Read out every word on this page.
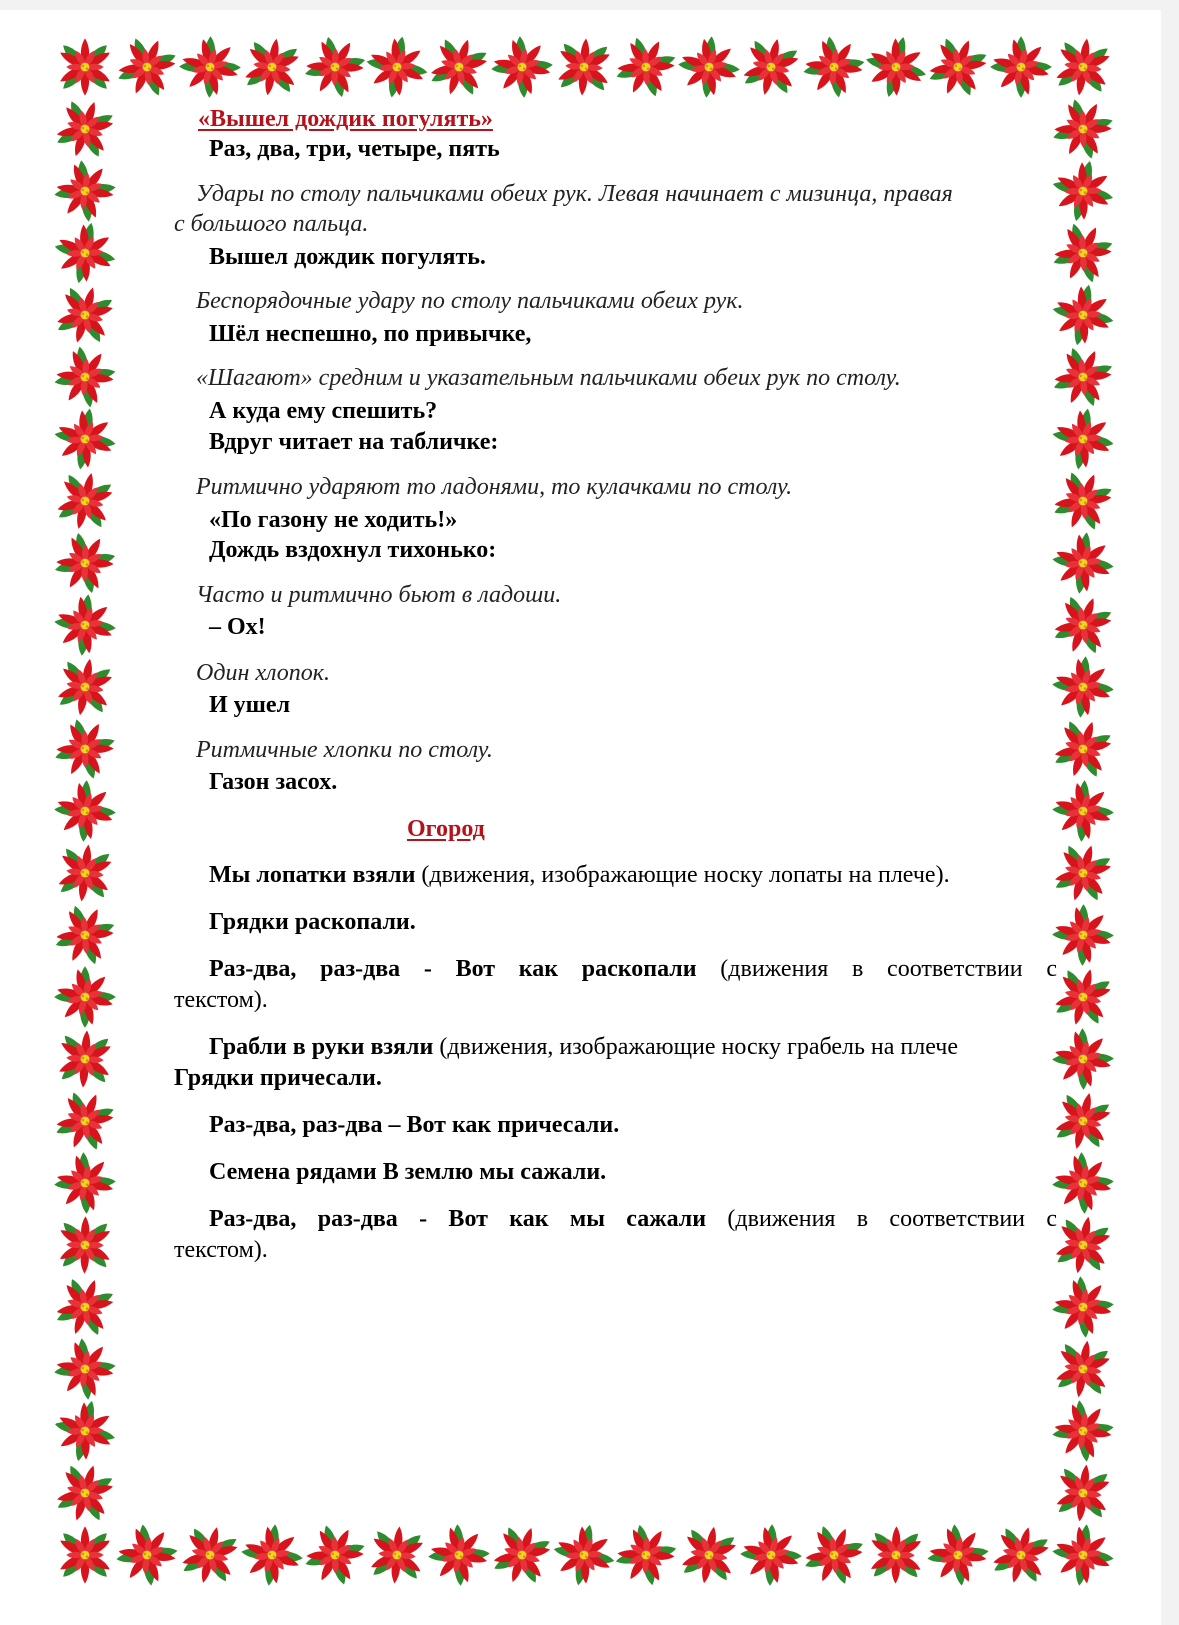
«Вышел дождик погулять»
Раз, два, три, четыре, пять
Удары по столу пальчиками обеих рук. Левая начинает с мизинца, правая
с большого пальца.
Вышел дождик погулять.
Беспорядочные удару по столу пальчиками обеих рук.
Шёл неспешно, по привычке,
«Шагают» средним и указательным пальчиками обеих рук по столу.
А куда ему спешить?
Вдруг читает на табличке:
Ритмично ударяют то ладонями, то кулачками по столу.
«По газону не ходить!»
Дождь вздохнул тихонько:
Часто и ритмично бьют в ладоши.
– Ох!
Один хлопок.
И ушел
Ритмичные хлопки по столу.
Газон засох.
Огород
Мы лопатки взяли (движения, изображающие носку лопаты на плече).
Грядки раскопали.
Раз-два, раз-два - Вот как раскопали (движения в соответствии с
текстом).
Грабли в руки взяли (движения, изображающие носку грабель на плече
Грядки причесали.
Раз-два, раз-два – Вот как причесали.
Семена рядами В землю мы сажали.
Раз-два, раз-два - Вот как мы сажали (движения в соответствии с
текстом).
